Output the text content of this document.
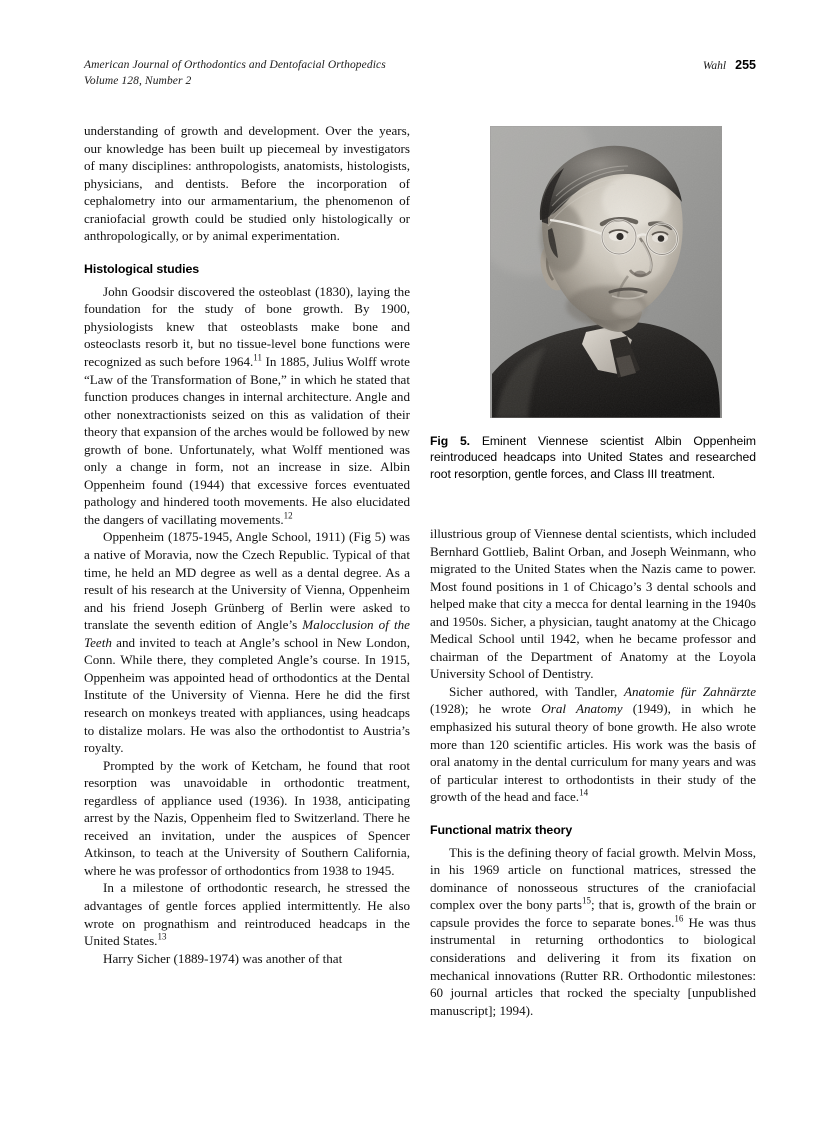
American Journal of Orthodontics and Dentofacial Orthopedics
Volume 128, Number 2
Wahl 255

understanding of growth and development. Over the years, our knowledge has been built up piecemeal by investigators of many disciplines: anthropologists, anatomists, histologists, physicians, and dentists. Before the incorporation of cephalometry into our armamentarium, the phenomenon of craniofacial growth could be studied only histologically or anthropologically, or by animal experimentation.

Histological studies

John Goodsir discovered the osteoblast (1830), laying the foundation for the study of bone growth. By 1900, physiologists knew that osteoblasts make bone and osteoclasts resorb it, but no tissue-level bone functions were recognized as such before 1964.11 In 1885, Julius Wolff wrote “Law of the Transformation of Bone,” in which he stated that function produces changes in internal architecture. Angle and other nonextractionists seized on this as validation of their theory that expansion of the arches would be followed by new growth of bone. Unfortunately, what Wolff mentioned was only a change in form, not an increase in size. Albin Oppenheim found (1944) that excessive forces eventuated pathology and hindered tooth movements. He also elucidated the dangers of vacillating movements.$^{12}$

Oppenheim (1875-1945, Angle School, 1911) (Fig 5) was a native of Moravia, now the Czech Republic. Typical of that time, he held an MD degree as well as a dental degree. As a result of his research at the University of Vienna, Oppenheim and his friend Joseph Grünberg of Berlin were asked to translate the seventh edition of Angle’s Malocclusion of the Teeth and invited to teach at Angle’s school in New London, Conn. While there, they completed Angle’s course. In 1915, Oppenheim was appointed head of orthodontics at the Dental Institute of the University of Vienna. Here he did the first research on monkeys treated with appliances, using headcaps to distalize molars. He was also the orthodontist to Austria’s royalty.

Prompted by the work of Ketcham, he found that root resorption was unavoidable in orthodontic treatment, regardless of appliance used (1936). In 1938, anticipating arrest by the Nazis, Oppenheim fled to Switzerland. There he received an invitation, under the auspices of Spencer Atkinson, to teach at the University of Southern California, where he was professor of orthodontics from 1938 to 1945.

In a milestone of orthodontic research, he stressed the advantages of gentle forces applied intermittently. He also wrote on prognathism and reintroduced headcaps in the United States.$^{13}$

Harry Sicher (1889-1974) was another of that

Fig 5. Eminent Viennese scientist Albin Oppenheim reintroduced headcaps into United States and researched root resorption, gentle forces, and Class III treatment.

illustrious group of Viennese dental scientists, which included Bernhard Gottlieb, Balint Orban, and Joseph Weinmann, who migrated to the United States when the Nazis came to power. Most found positions in 1 of Chicago’s 3 dental schools and helped make that city a mecca for dental learning in the 1940s and 1950s. Sicher, a physician, taught anatomy at the Chicago Medical School until 1942, when he became professor and chairman of the Department of Anatomy at the Loyola University School of Dentistry.

Sicher authored, with Tandler, Anatomie für Zahnärzte (1928); he wrote Oral Anatomy (1949), in which he emphasized his sutural theory of bone growth. He also wrote more than 120 scientific articles. His work was the basis of oral anatomy in the dental curriculum for many years and was of particular interest to orthodontists in their study of the growth of the head and face.$^{14}$

Functional matrix theory

This is the defining theory of facial growth. Melvin Moss, in his 1969 article on functional matrices, stressed the dominance of nonosseous structures of the craniofacial complex over the bony parts$^{15}$; that is, growth of the brain or capsule provides the force to separate bones.$^{16}$ He was thus instrumental in returning orthodontics to biological considerations and delivering it from its fixation on mechanical innovations (Rutter RR. Orthodontic milestones: 60 journal articles that rocked the specialty [unpublished manuscript]; 1994).
